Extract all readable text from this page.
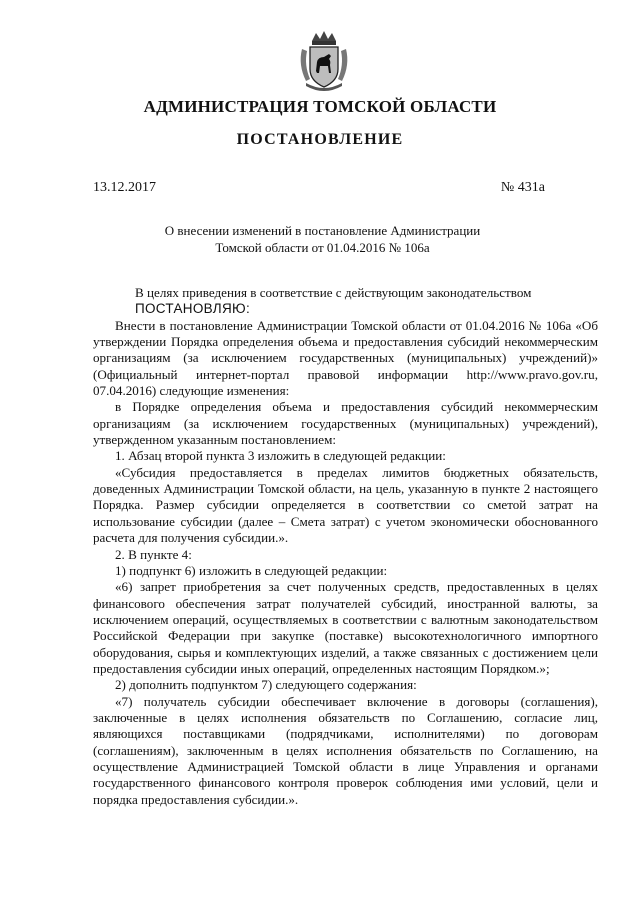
АДМИНИСТРАЦИЯ ТОМСКОЙ ОБЛАСТИ
ПОСТАНОВЛЕНИЕ
13.12.2017	№ 431а
О внесении изменений в постановление Администрации
Томской области от 01.04.2016 № 106а

В целях приведения в соответствие с действующим законодательством

ПОСТАНОВЛЯЮ:

Внести в постановление Администрации Томской области от 01.04.2016 № 106а «Об утверждении Порядка определения объема и предоставления субсидий некоммерческим организациям (за исключением государственных (муниципальных) учреждений)» (Официальный интернет-портал правовой информации http://www.pravo.gov.ru, 07.04.2016) следующие изменения:

в Порядке определения объема и предоставления субсидий некоммерческим организациям (за исключением государственных (муниципальных) учреждений), утвержденном указанным постановлением:

1. Абзац второй пункта 3 изложить в следующей редакции:

«Субсидия предоставляется в пределах лимитов бюджетных обязательств, доведенных Администрации Томской области, на цель, указанную в пункте 2 настоящего Порядка. Размер субсидии определяется в соответствии со сметой затрат на использование субсидии (далее – Смета затрат) с учетом экономически обоснованного расчета для получения субсидии.».

2. В пункте 4:

1) подпункт 6) изложить в следующей редакции:

«6) запрет приобретения за счет полученных средств, предоставленных в целях финансового обеспечения затрат получателей субсидий, иностранной валюты, за исключением операций, осуществляемых в соответствии с валютным законодательством Российской Федерации при закупке (поставке) высокотехнологичного импортного оборудования, сырья и комплектующих изделий, а также связанных с достижением цели предоставления субсидии иных операций, определенных настоящим Порядком.»;

2) дополнить подпунктом 7) следующего содержания:

«7) получатель субсидии обеспечивает включение в договоры (соглашения), заключенные в целях исполнения обязательств по Соглашению, согласие лиц, являющихся поставщиками (подрядчиками, исполнителями) по договорам (соглашениям), заключенным в целях исполнения обязательств по Соглашению, на осуществление Администрацией Томской области в лице Управления и органами государственного финансового контроля проверок соблюдения ими условий, цели и порядка предоставления субсидии.».
